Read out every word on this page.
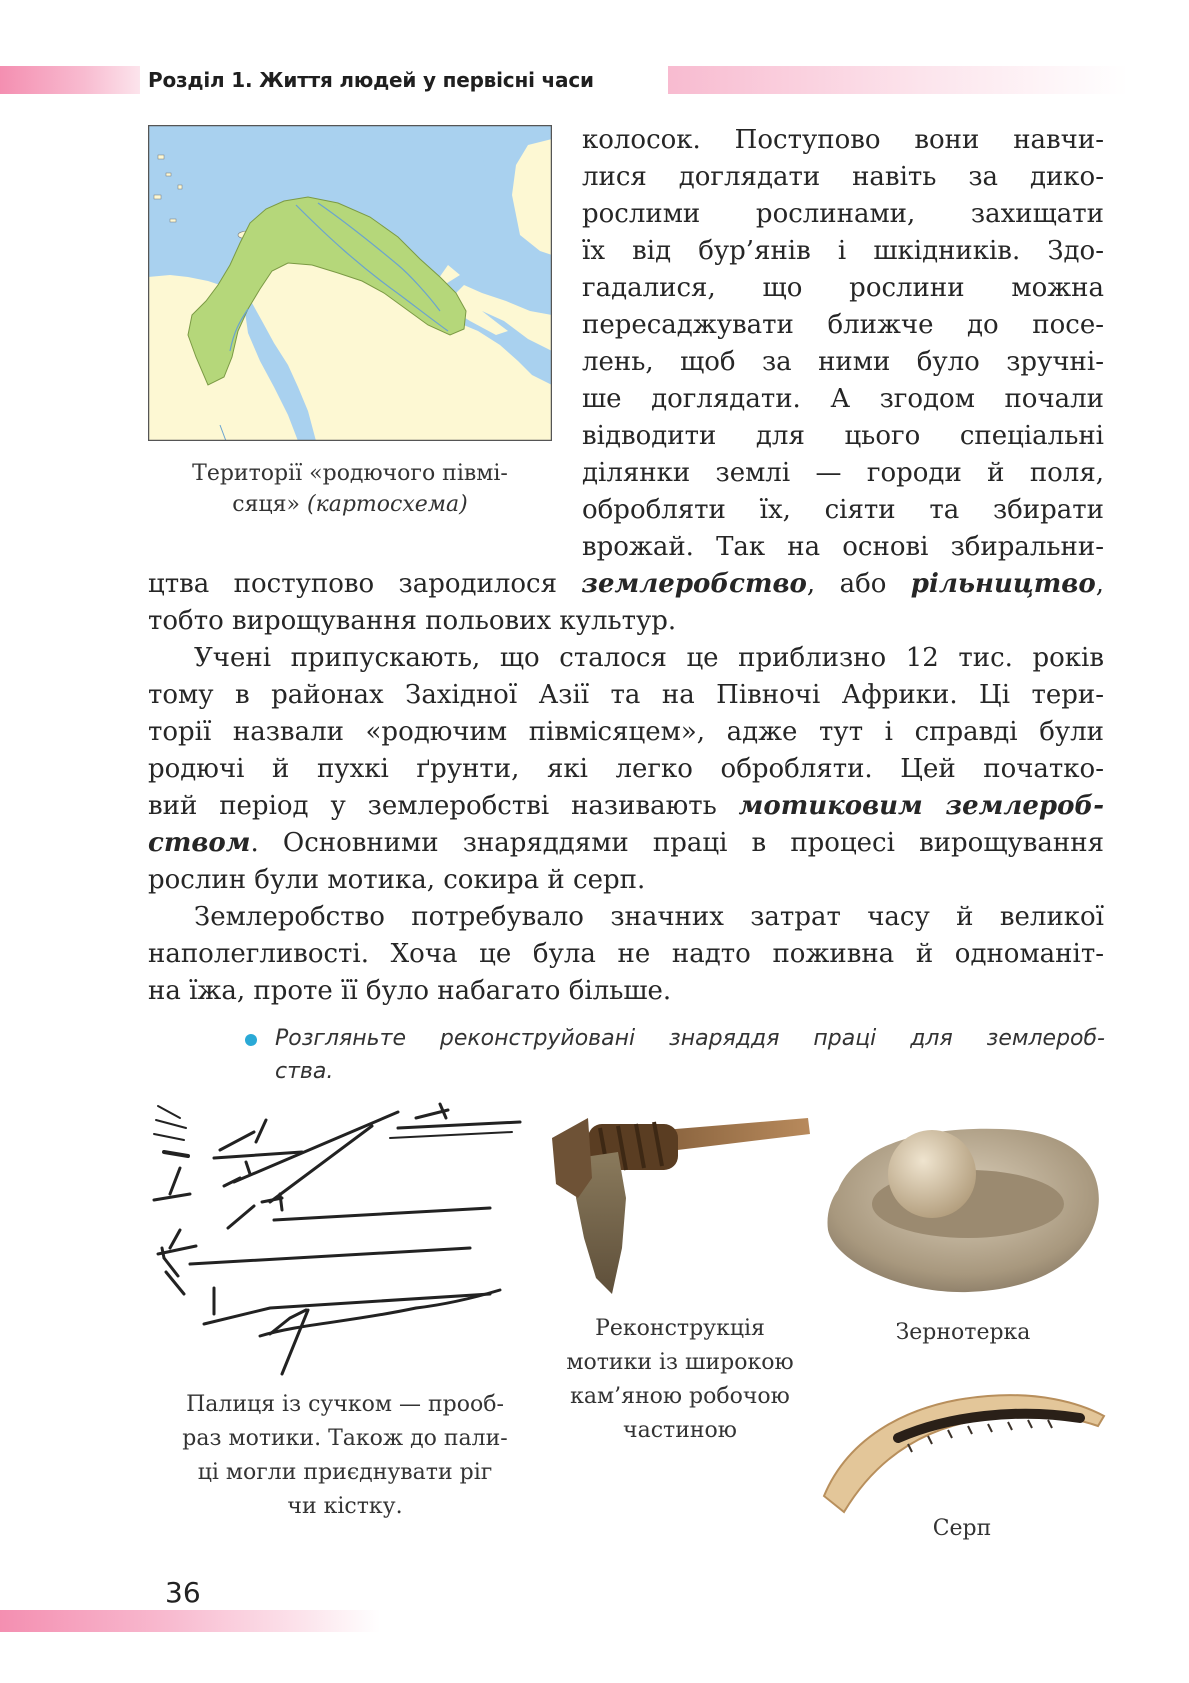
Розділ 1. Життя людей у первісні часи
Території «родючого півмі-
сяця» (картосхема)
колосок. Поступово вони навчи-
лися доглядати навіть за дико-
рослими рослинами, захищати
їх від бур’янів і шкідників. Здо-
гадалися, що рослини можна
пересаджувати ближче до посе-
лень, щоб за ними було зручні-
ше доглядати. А згодом почали
відводити для цього спеціальні
ділянки землі — городи й поля,
обробляти їх, сіяти та збирати
врожай. Так на основі збиральни-
цтва поступово зародилося землеробство, або рільництво,
тобто вирощування польових культур.
Учені припускають, що сталося це приблизно 12 тис. років
тому в районах Західної Азії та на Півночі Африки. Ці тери-
торії назвали «родючим півмісяцем», адже тут і справді були
родючі й пухкі ґрунти, які легко обробляти. Цей початко-
вий період у землеробстві називають мотиковим землероб-
ством. Основними знаряддями праці в процесі вирощування
рослин були мотика, сокира й серп.
Землеробство потребувало значних затрат часу й великої
наполегливості. Хоча це була не надто поживна й одноманіт-
на їжа, проте її було набагато більше.
Розгляньте реконструйовані знаряддя праці для землероб-
ства.
Палиця із сучком — прооб-
раз мотики. Також до пали-
ці могли приєднувати ріг
чи кістку.
Реконструкція
мотики із широкою
кам’яною робочою
частиною
Зернотерка
Серп
36
